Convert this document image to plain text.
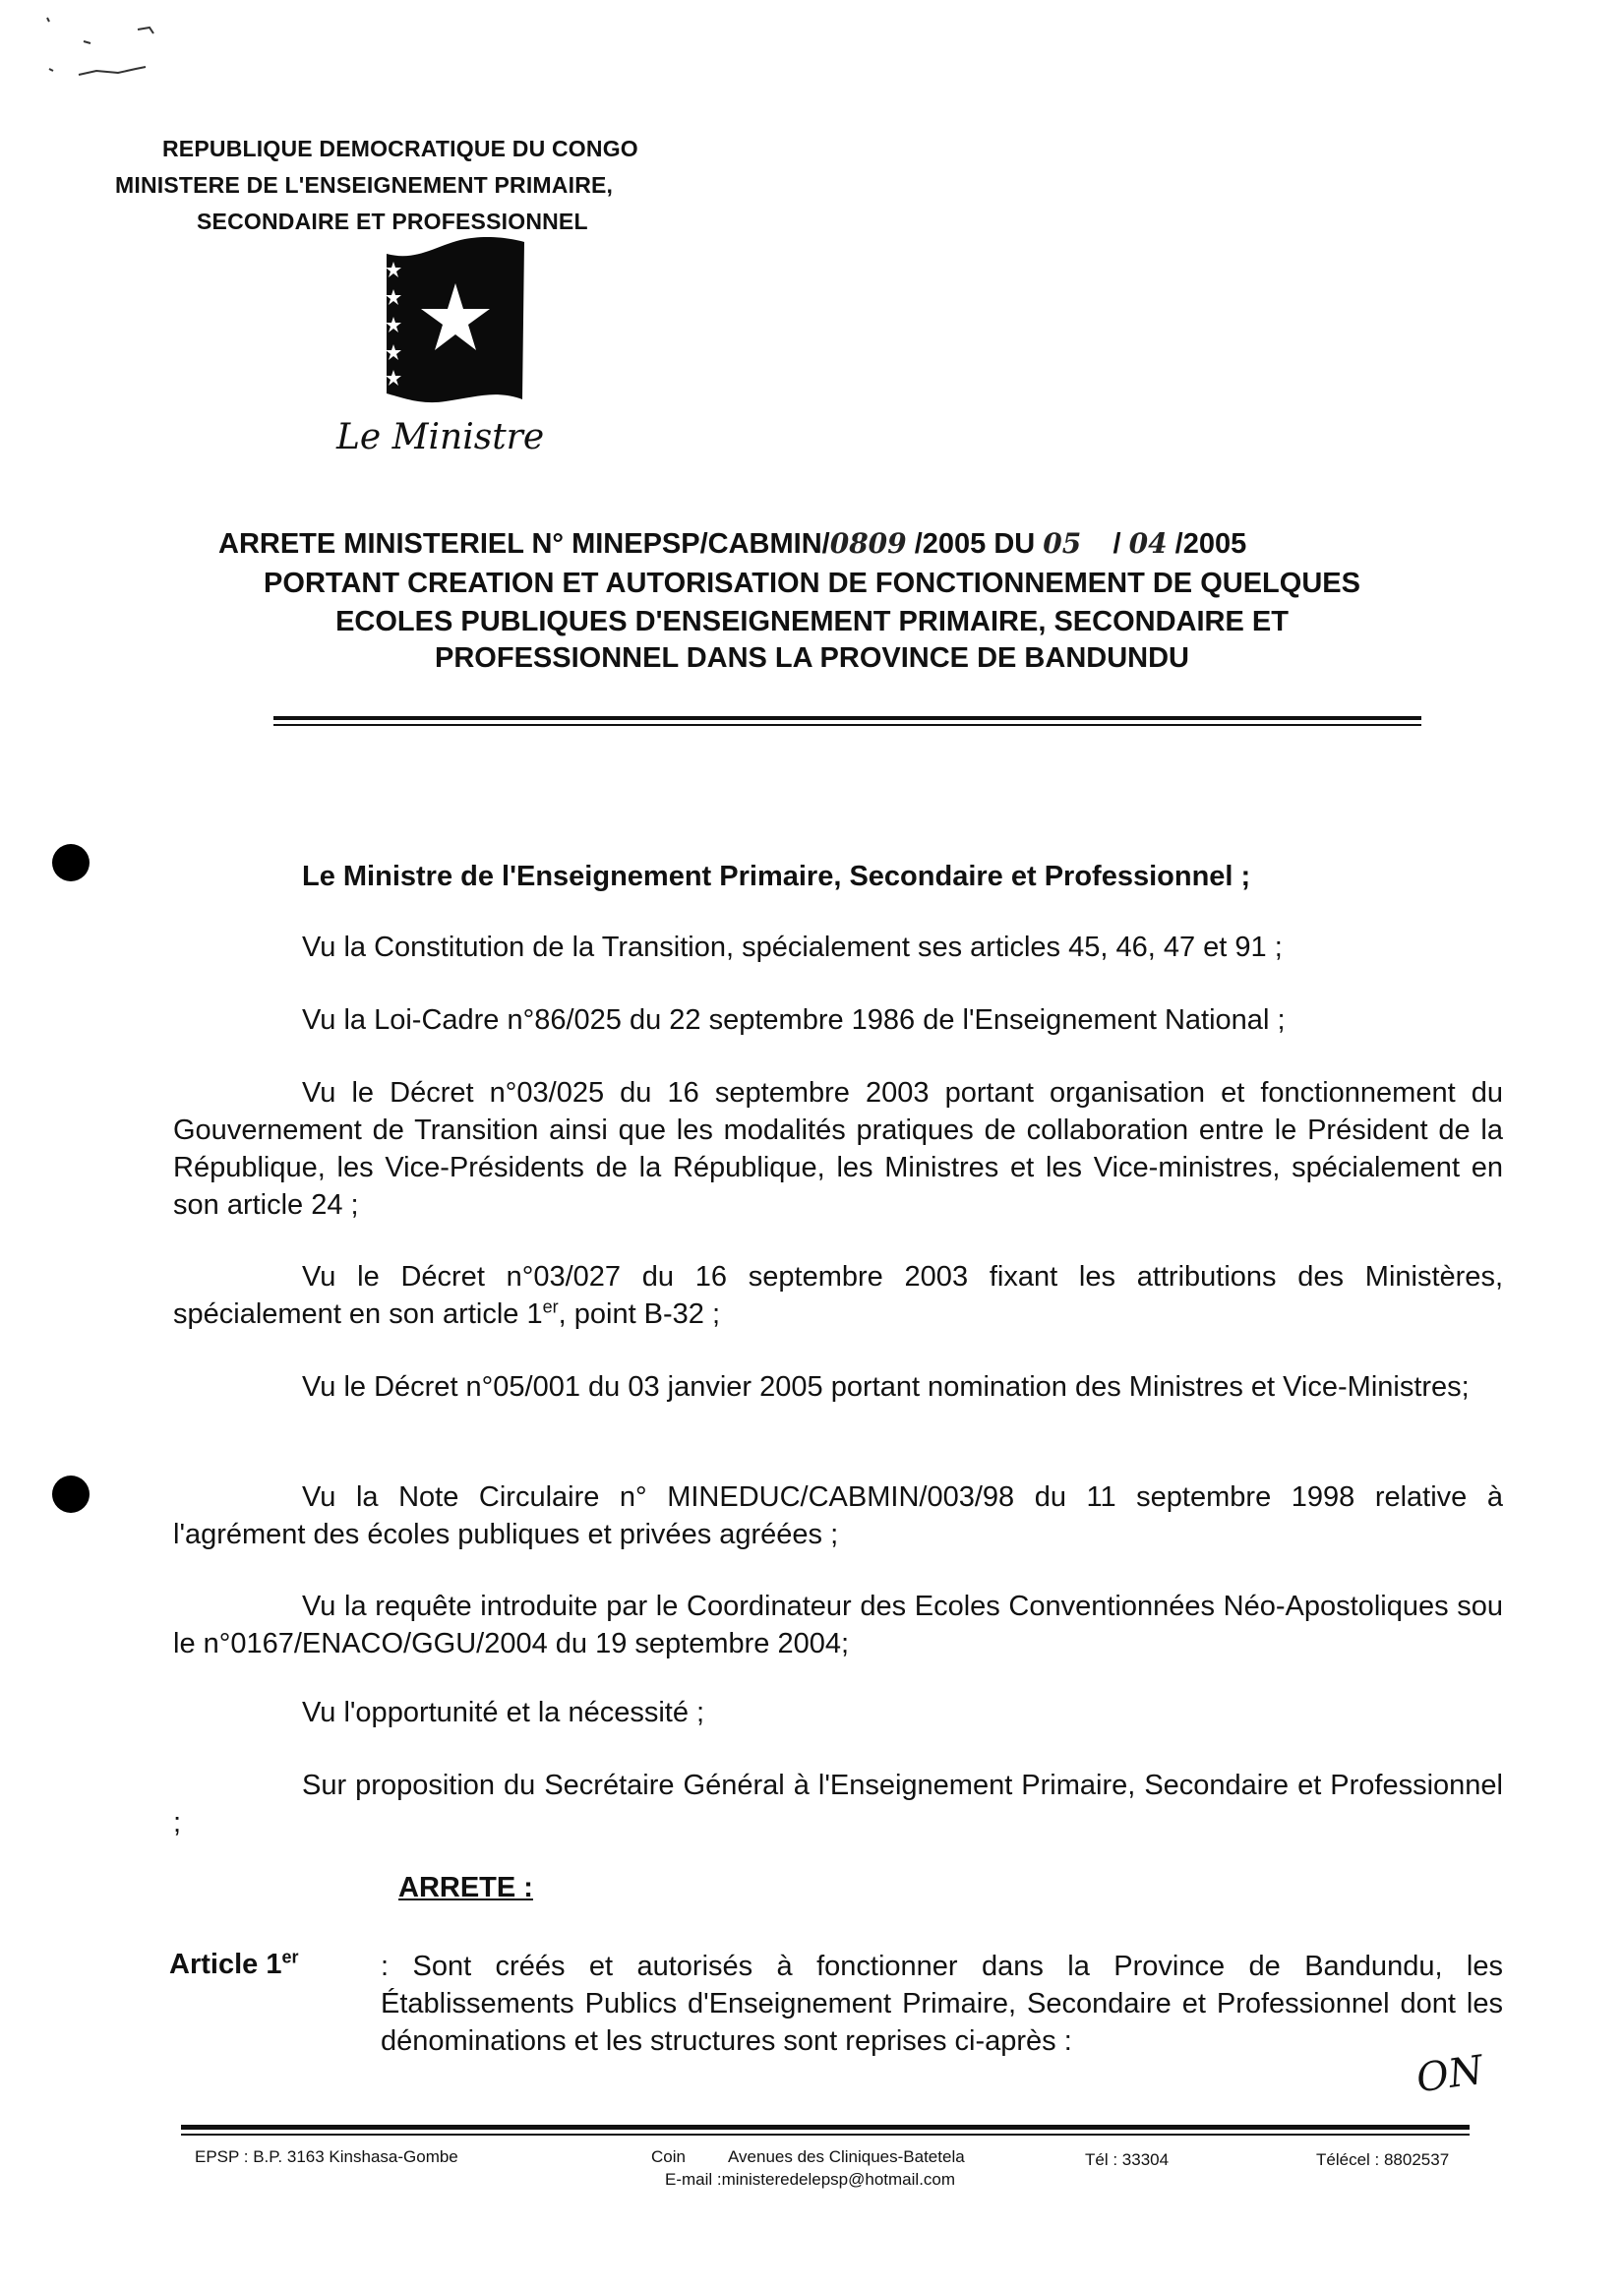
REPUBLIQUE DEMOCRATIQUE DU CONGO
MINISTERE DE L'ENSEIGNEMENT PRIMAIRE,
SECONDAIRE ET PROFESSIONNEL
Le Ministre
ARRETE MINISTERIEL N° MINEPSP/CABMIN/0809 /2005 DU 05 / 04 /2005
PORTANT CREATION ET AUTORISATION DE FONCTIONNEMENT DE QUELQUES
ECOLES PUBLIQUES D'ENSEIGNEMENT PRIMAIRE, SECONDAIRE ET
PROFESSIONNEL DANS LA PROVINCE DE BANDUNDU
Le Ministre de l'Enseignement Primaire, Secondaire et Professionnel ;
Vu la Constitution de la Transition, spécialement ses articles 45, 46, 47 et 91 ;
Vu la Loi-Cadre n°86/025 du 22 septembre 1986 de l'Enseignement National ;
Vu le Décret n°03/025 du 16 septembre 2003 portant organisation et fonctionnement du Gouvernement de Transition ainsi que les modalités pratiques de collaboration entre le Président de la République, les Vice-Présidents de la République, les Ministres et les Vice-ministres, spécialement en son article 24 ;
Vu le Décret n°03/027 du 16 septembre 2003 fixant les attributions des Ministères, spécialement en son article 1er, point B-32 ;
Vu le Décret n°05/001 du 03 janvier 2005 portant nomination des Ministres et Vice-Ministres;
Vu la Note Circulaire n° MINEDUC/CABMIN/003/98 du 11 septembre 1998 relative à l'agrément des écoles publiques et privées agréées ;
Vu la requête introduite par le Coordinateur des Ecoles Conventionnées Néo-Apostoliques sou le n°0167/ENACO/GGU/2004 du 19 septembre 2004;
Vu l'opportunité et la nécessité ;
Sur proposition du Secrétaire Général à l'Enseignement Primaire, Secondaire et Professionnel ;
ARRETE :
Article 1er	: Sont créés et autorisés à fonctionner dans la Province de Bandundu, les Établissements Publics d'Enseignement Primaire, Secondaire et Professionnel dont les dénominations et les structures sont reprises ci-après :
ON
EPSP : B.P. 3163 Kinshasa-Gombe	Coin	Avenues des Cliniques-Batetela
E-mail :ministeredelepsp@hotmail.com
Tél : 33304	Télécel : 8802537
